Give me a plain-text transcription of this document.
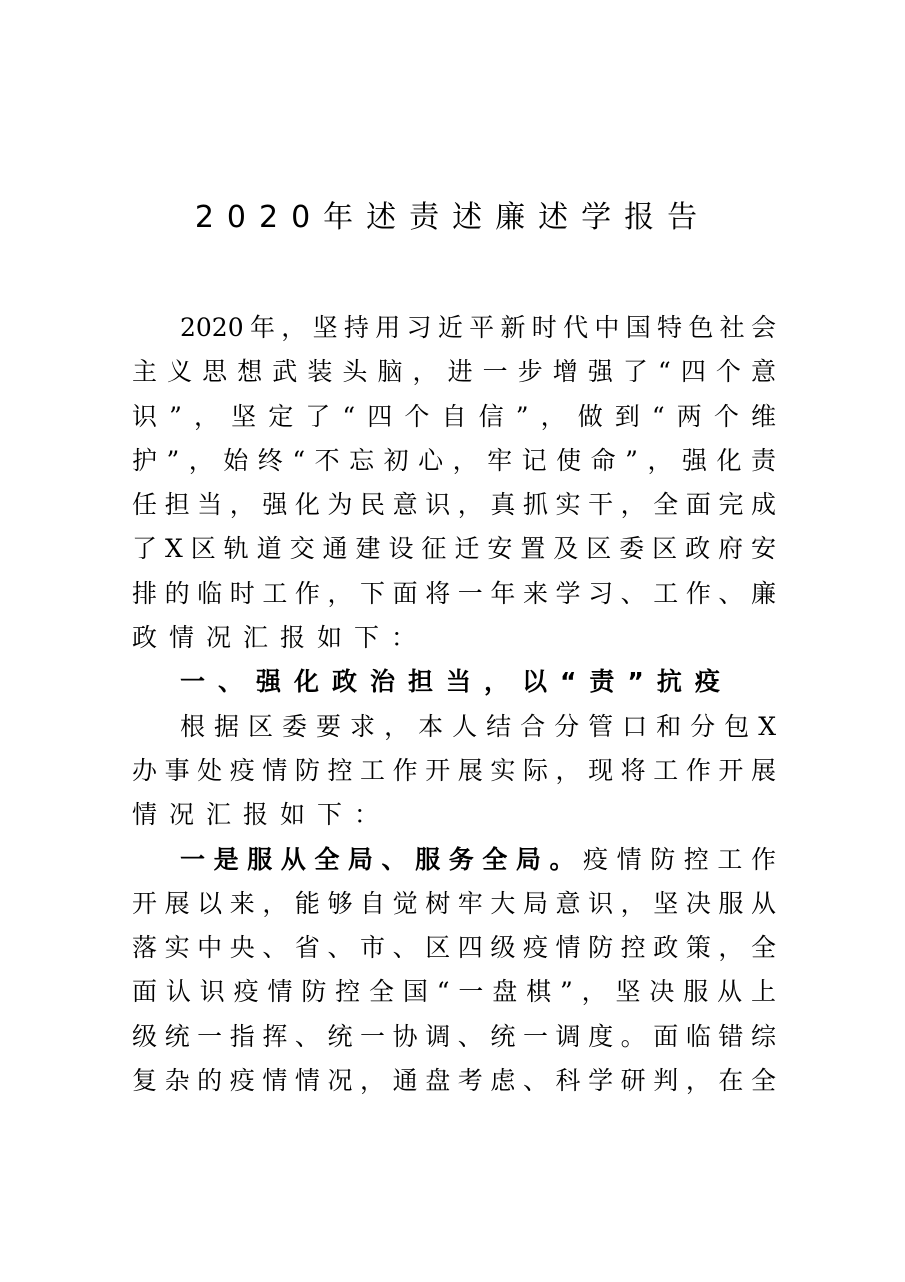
2020年述责述廉述学报告
2020年，坚持用习近平新时代中国特色社会
主义思想武装头脑，进一步增强了“四个意
识”，坚定了“四个自信”，做到“两个维
护”，始终“不忘初心，牢记使命”，强化责
任担当，强化为民意识，真抓实干，全面完成
了X区轨道交通建设征迁安置及区委区政府安
排的临时工作，下面将一年来学习、工作、廉
政情况汇报如下：
一、强化政治担当，以“责”抗疫
根据区委要求，本人结合分管口和分包X
办事处疫情防控工作开展实际，现将工作开展
情况汇报如下：
一是服从全局、服务全局。疫情防控工作
开展以来，能够自觉树牢大局意识，坚决服从
落实中央、省、市、区四级疫情防控政策，全
面认识疫情防控全国“一盘棋”，坚决服从上
级统一指挥、统一协调、统一调度。面临错综
复杂的疫情情况，通盘考虑、科学研判，在全
